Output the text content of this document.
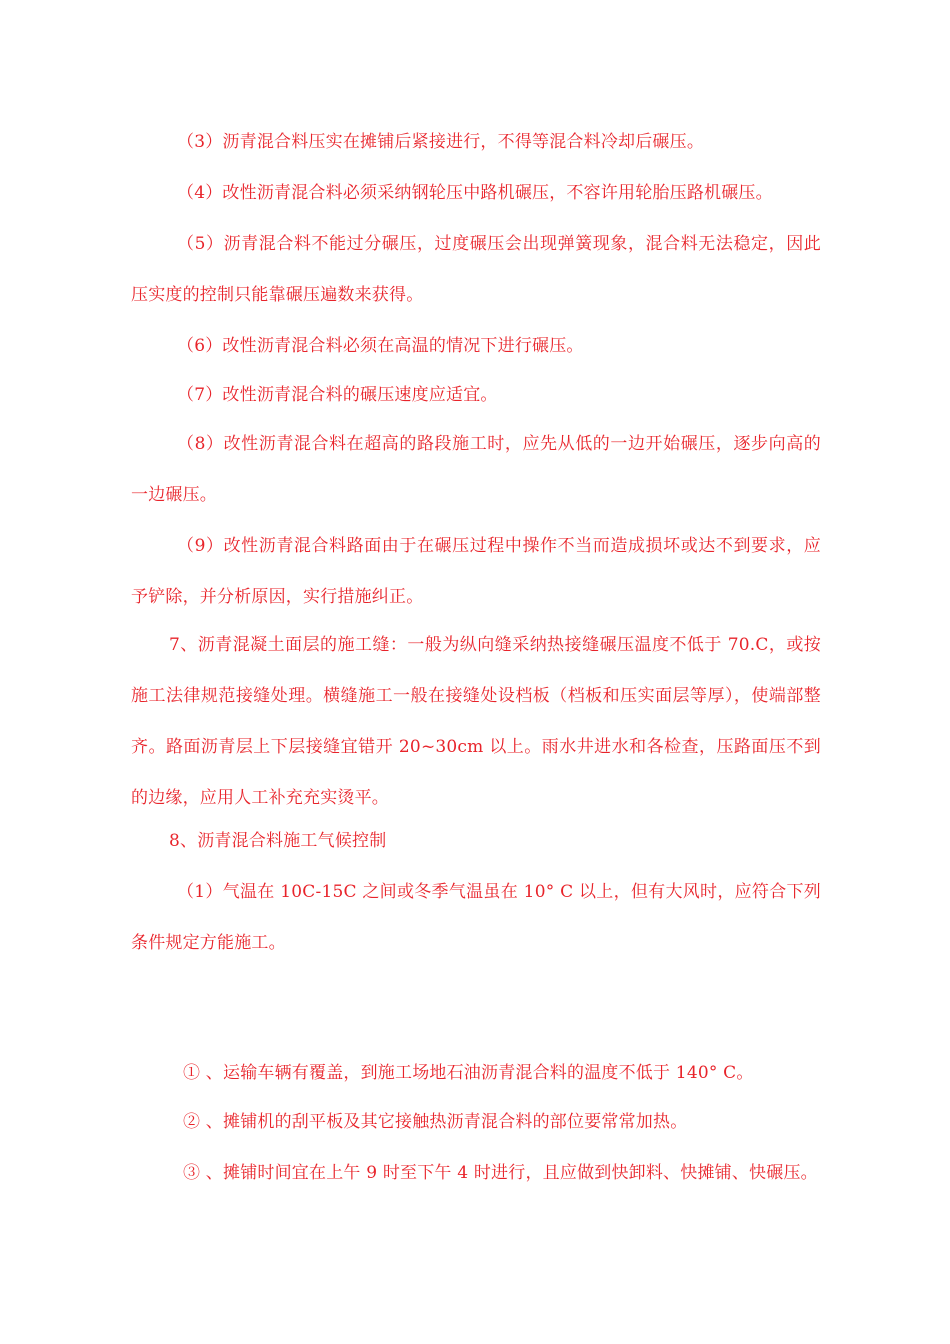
（3）沥青混合料压实在摊铺后紧接进行，不得等混合料冷却后碾压。

（4）改性沥青混合料必须采纳钢轮压中路机碾压，不容许用轮胎压路机碾压。

（5）沥青混合料不能过分碾压，过度碾压会出现弹簧现象，混合料无法稳定，因此压实度的控制只能靠碾压遍数来获得。

（6）改性沥青混合料必须在高温的情况下进行碾压。

（7）改性沥青混合料的碾压速度应适宜。

（8）改性沥青混合料在超高的路段施工时，应先从低的一边开始碾压，逐步向高的一边碾压。

（9）改性沥青混合料路面由于在碾压过程中操作不当而造成损坏或达不到要求，应予铲除，并分析原因，实行措施纠正。

7、沥青混凝土面层的施工缝：一般为纵向缝采纳热接缝碾压温度不低于 70.C，或按施工法律规范接缝处理。横缝施工一般在接缝处设档板（档板和压实面层等厚），使端部整齐。路面沥青层上下层接缝宜错开 20~30cm 以上。雨水井进水和各检查，压路面压不到的边缘，应用人工补充充实烫平。

8、沥青混合料施工气候控制

（1）气温在 10C-15C 之间或冬季气温虽在 10° C 以上，但有大风时，应符合下列条件规定方能施工。

① 、运输车辆有覆盖，到施工场地石油沥青混合料的温度不低于 140° C。

② 、摊铺机的刮平板及其它接触热沥青混合料的部位要常常加热。

③ 、摊铺时间宜在上午 9 时至下午 4 时进行，且应做到快卸料、快摊铺、快碾压。
